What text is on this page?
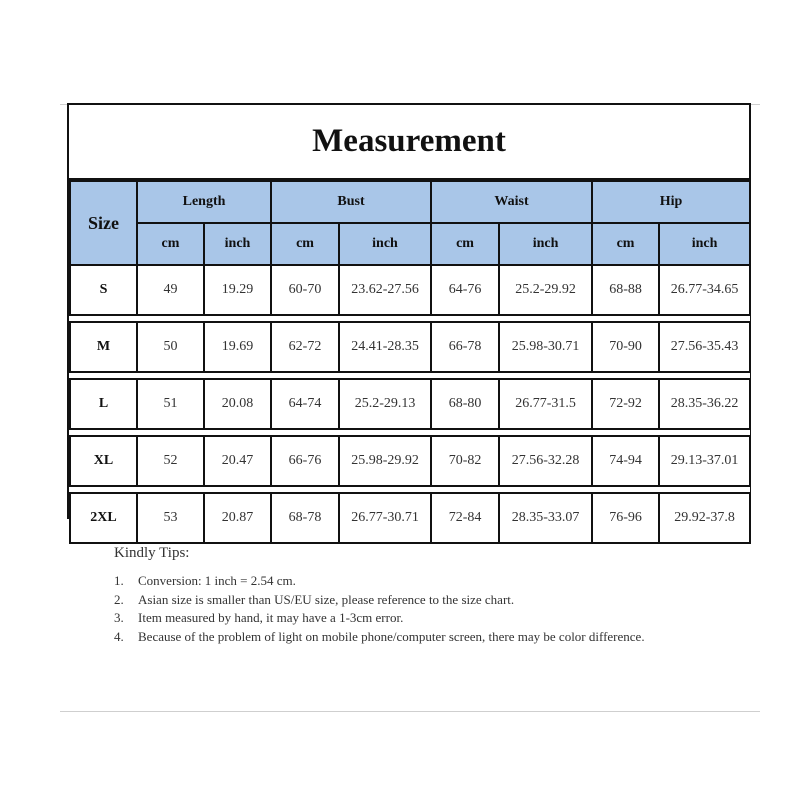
Measurement
Size	Length		Bust		Waist		Hip	
	cm	inch	cm	inch	cm	inch	cm	inch
S	49	19.29	60-70	23.62-27.56	64-76	25.2-29.92	68-88	26.77-34.65

M	50	19.69	62-72	24.41-28.35	66-78	25.98-30.71	70-90	27.56-35.43

L	51	20.08	64-74	25.2-29.13	68-80	26.77-31.5	72-92	28.35-36.22

XL	52	20.47	66-76	25.98-29.92	70-82	27.56-32.28	74-94	29.13-37.01

2XL	53	20.87	68-78	26.77-30.71	72-84	28.35-33.07	76-96	29.92-37.8
Kindly Tips:
1.	Conversion: 1 inch = 2.54 cm.
2.	Asian size is smaller than US/EU size, please reference to the size chart.
3.	Item measured by hand, it may have a 1-3cm error.
4.	Because of the problem of light on mobile phone/computer screen, there may be color difference.
